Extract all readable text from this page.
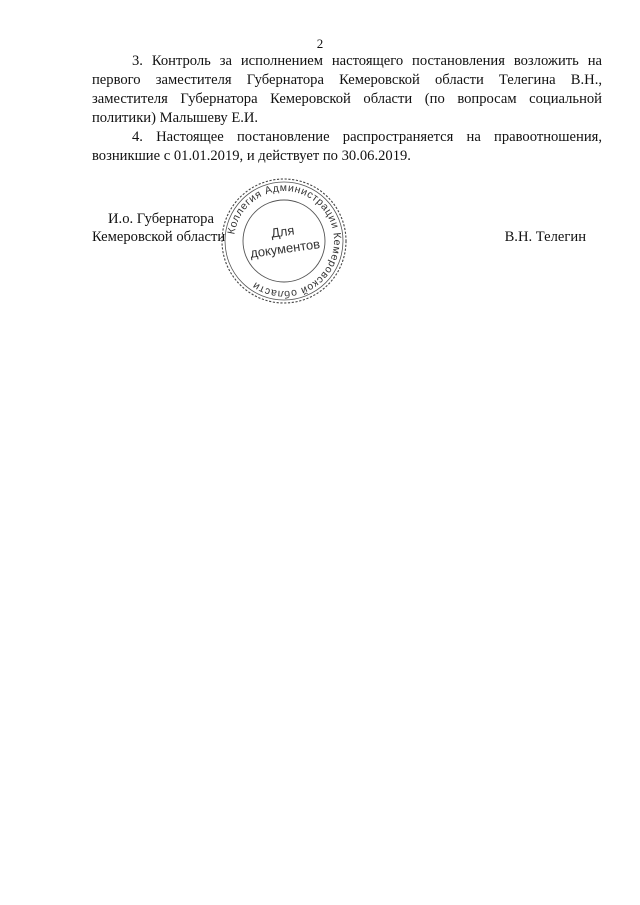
2

3. Контроль за исполнением настоящего постановления возложить на первого заместителя Губернатора Кемеровской области Телегина В.Н., заместителя Губернатора Кемеровской области (по вопросам социальной политики) Малышеву Е.И.

4. Настоящее постановление распространяется на правоотношения, возникшие с 01.01.2019, и действует по 30.06.2019.

И.о. Губернатора
Кемеровской области	В.Н. Телегин
Коллегия Администрации Кемеровской области
Для
документов
